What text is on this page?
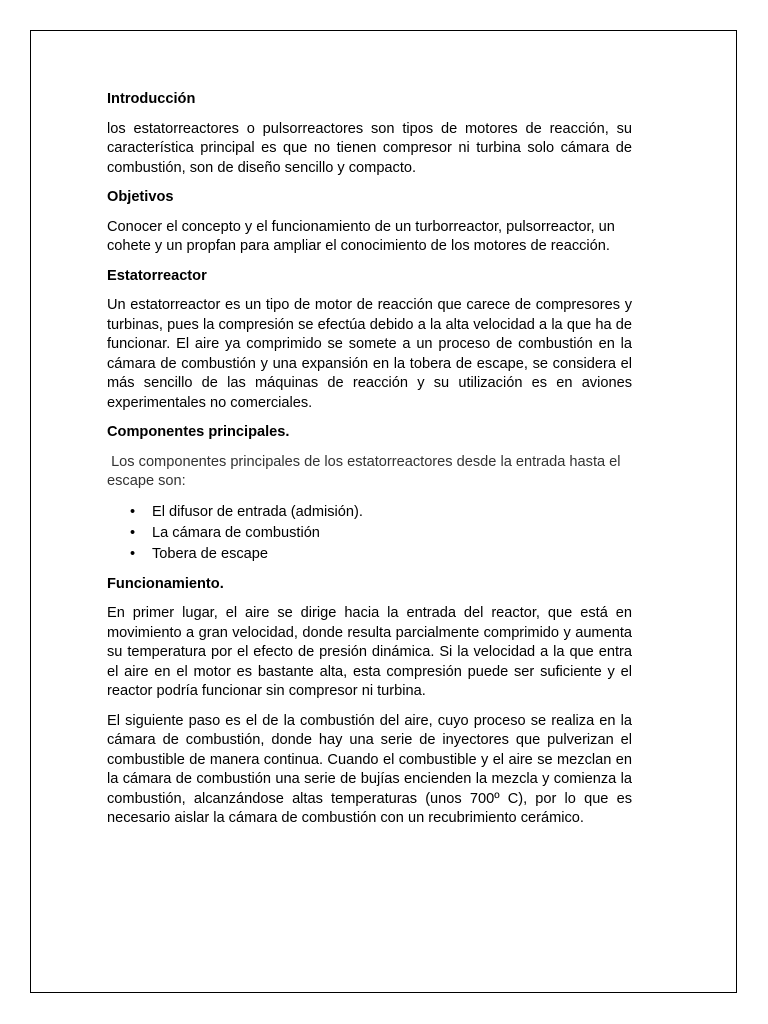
Introducción

los estatorreactores o pulsorreactores son tipos de motores de reacción, su característica principal es que no tienen compresor ni turbina solo cámara de combustión, son de diseño sencillo y compacto.

Objetivos

Conocer el concepto y el funcionamiento de un turborreactor, pulsorreactor, un cohete y un propfan para ampliar el conocimiento de los motores de reacción.

Estatorreactor

Un estatorreactor es un tipo de motor de reacción que carece de compresores y turbinas, pues la compresión se efectúa debido a la alta velocidad a la que ha de funcionar. El aire ya comprimido se somete a un proceso de combustión en la cámara de combustión y una expansión en la tobera de escape, se considera el más sencillo de las máquinas de reacción y su utilización es en aviones experimentales no comerciales.

Componentes principales.

Los componentes principales de los estatorreactores desde la entrada hasta el escape son:

• El difusor de entrada (admisión).
• La cámara de combustión
• Tobera de escape
Funcionamiento.

En primer lugar, el aire se dirige hacia la entrada del reactor, que está en movimiento a gran velocidad, donde resulta parcialmente comprimido y aumenta su temperatura por el efecto de presión dinámica. Si la velocidad a la que entra el aire en el motor es bastante alta, esta compresión puede ser suficiente y el reactor podría funcionar sin compresor ni turbina.

El siguiente paso es el de la combustión del aire, cuyo proceso se realiza en la cámara de combustión, donde hay una serie de inyectores que pulverizan el combustible de manera continua. Cuando el combustible y el aire se mezclan en la cámara de combustión una serie de bujías encienden la mezcla y comienza la combustión, alcanzándose altas temperaturas (unos 700º C), por lo que es necesario aislar la cámara de combustión con un recubrimiento cerámico.
